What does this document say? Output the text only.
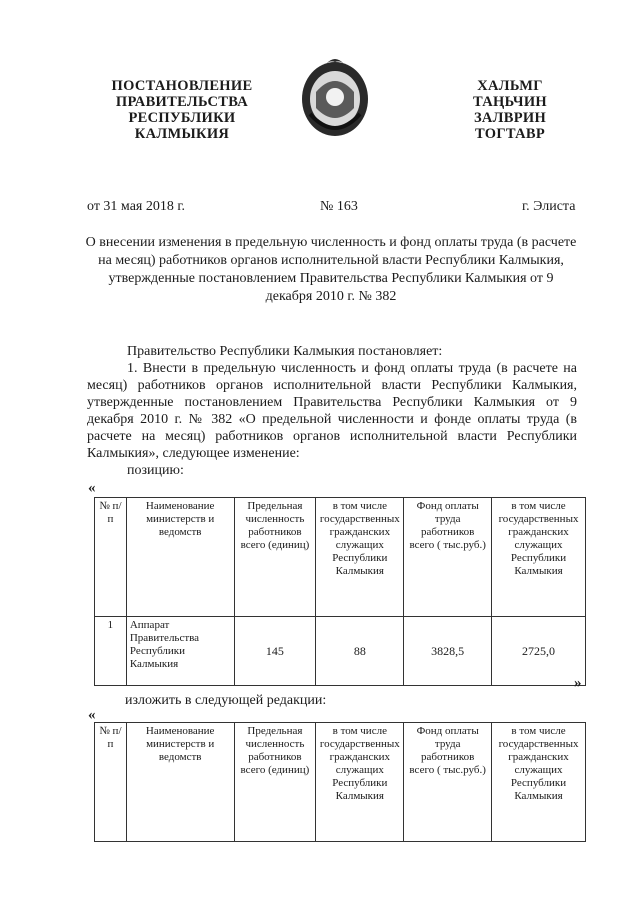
ПОСТАНОВЛЕНИЕ
ПРАВИТЕЛЬСТВА
РЕСПУБЛИКИ
КАЛМЫКИЯ
ХАЛЬМГ
ТАҢЬЧИН
ЗАЛВРИН
ТОГТАВР
от 31 мая 2018 г.	№ 163	г. Элиста
О внесении изменения в предельную численность и фонд оплаты труда (в расчете на месяц) работников органов исполнительной власти Республики Калмыкия, утвержденные постановлением Правительства Республики Калмыкия от 9 декабря 2010 г. № 382

Правительство Республики Калмыкия постановляет:

1. Внести в предельную численность и фонд оплаты труда (в расчете на месяц) работников органов исполнительной власти Республики Калмыкия, утвержденные постановлением Правительства Республики Калмыкия от 9 декабря 2010 г. № 382 «О предельной численности и фонде оплаты труда (в расчете на месяц) работников органов исполнительной власти Республики Калмыкия», следующее изменение:

позицию:

«
№ п/п	Наименование министерств и ведомств	Предельная численность работников всего (единиц)	в том числе государственных гражданских служащих Республики Калмыкия	Фонд оплаты труда работников всего ( тыс.руб.)	в том числе государственных гражданских служащих Республики Калмыкия
1	Аппарат Правительства Республики Калмыкия	145	88	3828,5	2725,0
»
изложить в следующей редакции:
«
№ п/п	Наименование министерств и ведомств	Предельная численность работников всего (единиц)	в том числе государственных гражданских служащих Республики Калмыкия	Фонд оплаты труда работников всего ( тыс.руб.)	в том числе государственных гражданских служащих Республики Калмыкия
